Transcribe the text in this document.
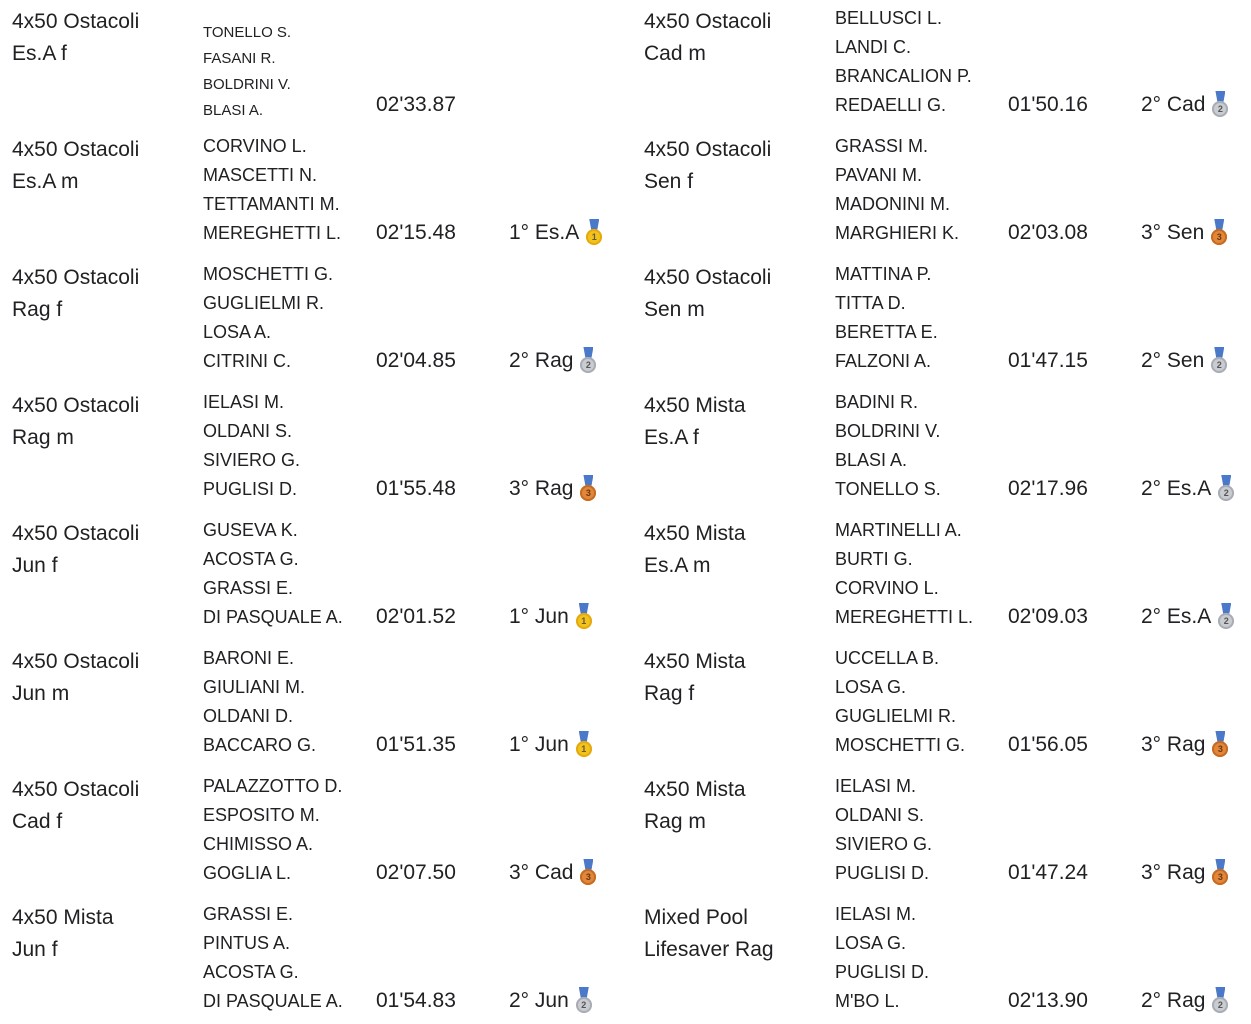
4x50 Ostacoli
Es.A f
TONELLO S.
FASANI R.
BOLDRINI V.
BLASI A.	02'33.87
4x50 Ostacoli
Es.A m
CORVINO L.
MASCETTI N.
TETTAMANTI M.
MEREGHETTI L.	02'15.48	1° Es.A	1
4x50 Ostacoli
Rag f
MOSCHETTI G.
GUGLIELMI R.
LOSA A.
CITRINI C.	02'04.85	2° Rag	2
4x50 Ostacoli
Rag m
IELASI M.
OLDANI S.
SIVIERO G.
PUGLISI D.	01'55.48	3° Rag	3
4x50 Ostacoli
Jun f
GUSEVA K.
ACOSTA G.
GRASSI E.
DI PASQUALE A.	02'01.52	1° Jun	1
4x50 Ostacoli
Jun m
BARONI E.
GIULIANI M.
OLDANI D.
BACCARO G.	01'51.35	1° Jun	1
4x50 Ostacoli
Cad f
PALAZZOTTO D.
ESPOSITO M.
CHIMISSO A.
GOGLIA L.	02'07.50	3° Cad	3
4x50 Mista
Jun f
GRASSI E.
PINTUS A.
ACOSTA G.
DI PASQUALE A.	01'54.83	2° Jun	2
4x50 Ostacoli
Cad m
BELLUSCI L.
LANDI C.
BRANCALION P.
REDAELLI G.	01'50.16	2° Cad	2
4x50 Ostacoli
Sen f
GRASSI M.
PAVANI M.
MADONINI M.
MARGHIERI K.	02'03.08	3° Sen	3
4x50 Ostacoli
Sen m
MATTINA P.
TITTA D.
BERETTA E.
FALZONI A.	01'47.15	2° Sen	2
4x50 Mista
Es.A f
BADINI R.
BOLDRINI V.
BLASI A.
TONELLO S.	02'17.96	2° Es.A	2
4x50 Mista
Es.A m
MARTINELLI A.
BURTI G.
CORVINO L.
MEREGHETTI L.	02'09.03	2° Es.A	2
4x50 Mista
Rag f
UCCELLA B.
LOSA G.
GUGLIELMI R.
MOSCHETTI G.	01'56.05	3° Rag	3
4x50 Mista
Rag m
IELASI M.
OLDANI S.
SIVIERO G.
PUGLISI D.	01'47.24	3° Rag	3
Mixed Pool
Lifesaver Rag
IELASI M.
LOSA G.
PUGLISI D.
M'BO L.	02'13.90	2° Rag	2
